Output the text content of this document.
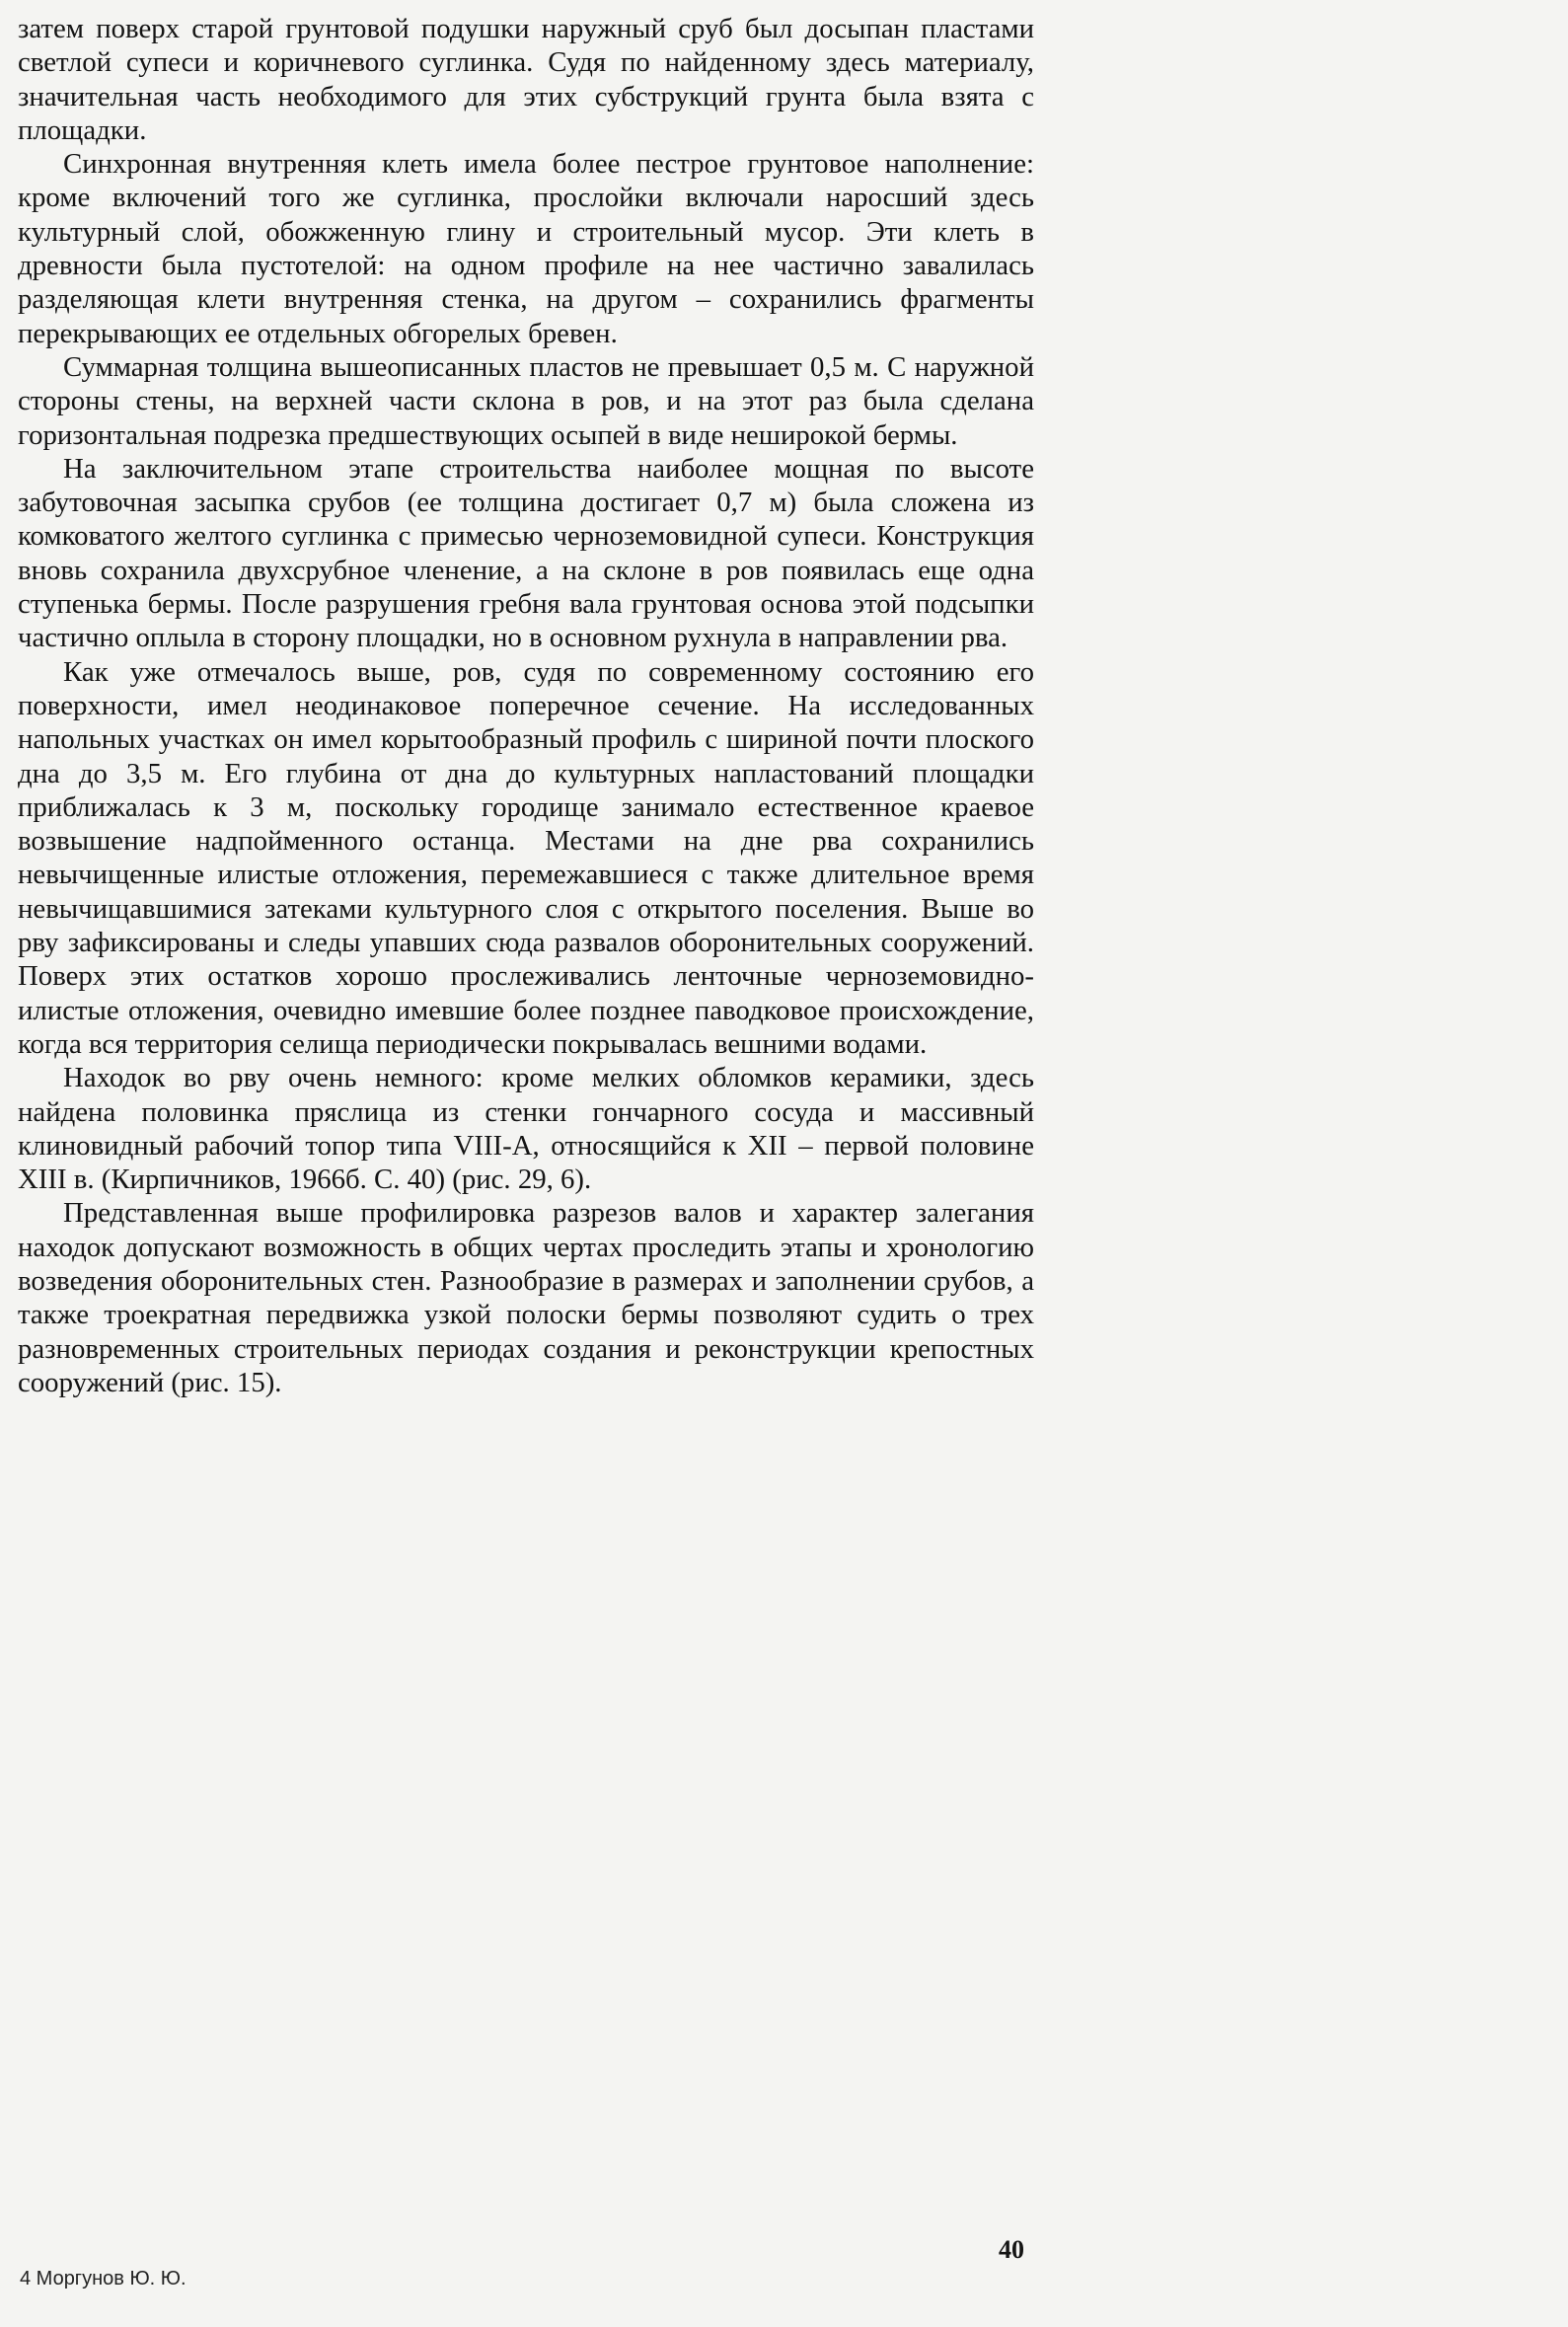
затем поверх старой грунтовой подушки наружный сруб был досыпан пластами светлой супеси и коричневого суглинка. Судя по найденному здесь материалу, значительная часть необходимого для этих субструкций грунта была взята с площадки.

Синхронная внутренняя клеть имела более пестрое грунтовое наполнение: кроме включений того же суглинка, прослойки включали наросший здесь культурный слой, обожженную глину и строительный мусор. Эти клеть в древности была пустотелой: на одном профиле на нее частично завалилась разделяющая клети внутренняя стенка, на другом – сохранились фрагменты перекрывающих ее отдельных обгорелых бревен.

Суммарная толщина вышеописанных пластов не превышает 0,5 м. С наружной стороны стены, на верхней части склона в ров, и на этот раз была сделана горизонтальная подрезка предшествующих осыпей в виде неширокой бермы.

На заключительном этапе строительства наиболее мощная по высоте забутовочная засыпка срубов (ее толщина достигает 0,7 м) была сложена из комковатого желтого суглинка с примесью черноземовидной супеси. Конструкция вновь сохранила двухсрубное членение, а на склоне в ров появилась еще одна ступенька бермы. После разрушения гребня вала грунтовая основа этой подсыпки частично оплыла в сторону площадки, но в основном рухнула в направлении рва.

Как уже отмечалось выше, ров, судя по современному состоянию его поверхности, имел неодинаковое поперечное сечение. На исследованных напольных участках он имел корытообразный профиль с шириной почти плоского дна до 3,5 м. Его глубина от дна до культурных напластований площадки приближалась к 3 м, поскольку городище занимало естественное краевое возвышение надпойменного останца. Местами на дне рва сохранились невычищенные илистые отложения, перемежавшиеся с также длительное время невычищавшимися затеками культурного слоя с открытого поселения. Выше во рву зафиксированы и следы упавших сюда развалов оборонительных сооружений. Поверх этих остатков хорошо прослеживались ленточные черноземовидно-илистые отложения, очевидно имевшие более позднее паводковое происхождение, когда вся территория селища периодически покрывалась вешними водами.

Находок во рву очень немного: кроме мелких обломков керамики, здесь найдена половинка пряслица из стенки гончарного сосуда и массивный клиновидный рабочий топор типа VIII-А, относящийся к XII – первой половине XIII в. (Кирпичников, 1966б. С. 40) (рис. 29, 6).

Представленная выше профилировка разрезов валов и характер залегания находок допускают возможность в общих чертах проследить этапы и хронологию возведения оборонительных стен. Разнообразие в размерах и заполнении срубов, а также троекратная передвижка узкой полоски бермы позволяют судить о трех разновременных строительных периодах создания и реконструкции крепостных сооружений (рис. 15).

4 Моргунов Ю. Ю.
40
